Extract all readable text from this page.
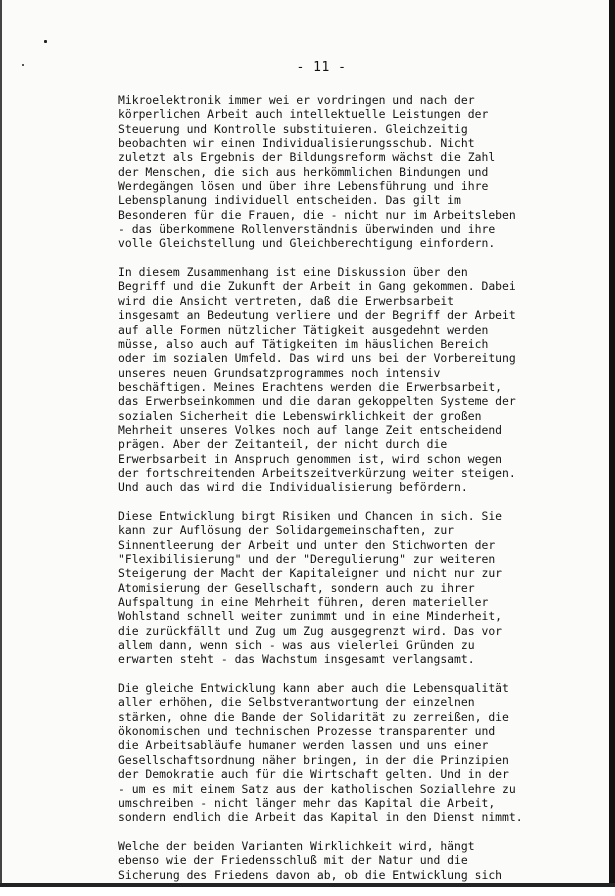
- 11 -
Mikroelektronik immer wei er vordringen und nach der
körperlichen Arbeit auch intellektuelle Leistungen der
Steuerung und Kontrolle substituieren. Gleichzeitig
beobachten wir einen Individualisierungsschub. Nicht
zuletzt als Ergebnis der Bildungsreform wächst die Zahl
der Menschen, die sich aus herkömmlichen Bindungen und
Werdegängen lösen und über ihre Lebensführung und ihre
Lebensplanung individuell entscheiden. Das gilt im
Besonderen für die Frauen, die - nicht nur im Arbeitsleben
- das überkommene Rollenverständnis überwinden und ihre
volle Gleichstellung und Gleichberechtigung einfordern.
In diesem Zusammenhang ist eine Diskussion über den
Begriff und die Zukunft der Arbeit in Gang gekommen. Dabei
wird die Ansicht vertreten, daß die Erwerbsarbeit
insgesamt an Bedeutung verliere und der Begriff der Arbeit
auf alle Formen nützlicher Tätigkeit ausgedehnt werden
müsse, also auch auf Tätigkeiten im häuslichen Bereich
oder im sozialen Umfeld. Das wird uns bei der Vorbereitung
unseres neuen Grundsatzprogrammes noch intensiv
beschäftigen. Meines Erachtens werden die Erwerbsarbeit,
das Erwerbseinkommen und die daran gekoppelten Systeme der
sozialen Sicherheit die Lebenswirklichkeit der großen
Mehrheit unseres Volkes noch auf lange Zeit entscheidend
prägen. Aber der Zeitanteil, der nicht durch die
Erwerbsarbeit in Anspruch genommen ist, wird schon wegen
der fortschreitenden Arbeitszeitverkürzung weiter steigen.
Und auch das wird die Individualisierung befördern.
Diese Entwicklung birgt Risiken und Chancen in sich. Sie
kann zur Auflösung der Solidargemeinschaften, zur
Sinnentleerung der Arbeit und unter den Stichworten der
"Flexibilisierung" und der "Deregulierung" zur weiteren
Steigerung der Macht der Kapitaleigner und nicht nur zur
Atomisierung der Gesellschaft, sondern auch zu ihrer
Aufspaltung in eine Mehrheit führen, deren materieller
Wohlstand schnell weiter zunimmt und in eine Minderheit,
die zurückfällt und Zug um Zug ausgegrenzt wird. Das vor
allem dann, wenn sich - was aus vielerlei Gründen zu
erwarten steht - das Wachstum insgesamt verlangsamt.
Die gleiche Entwicklung kann aber auch die Lebensqualität
aller erhöhen, die Selbstverantwortung der einzelnen
stärken, ohne die Bande der Solidarität zu zerreißen, die
ökonomischen und technischen Prozesse transparenter und
die Arbeitsabläufe humaner werden lassen und uns einer
Gesellschaftsordnung näher bringen, in der die Prinzipien
der Demokratie auch für die Wirtschaft gelten. Und in der
- um es mit einem Satz aus der katholischen Soziallehre zu
umschreiben - nicht länger mehr das Kapital die Arbeit,
sondern endlich die Arbeit das Kapital in den Dienst nimmt.
Welche der beiden Varianten Wirklichkeit wird, hängt
ebenso wie der Friedensschluß mit der Natur und die
Sicherung des Friedens davon ab, ob die Entwicklung sich
